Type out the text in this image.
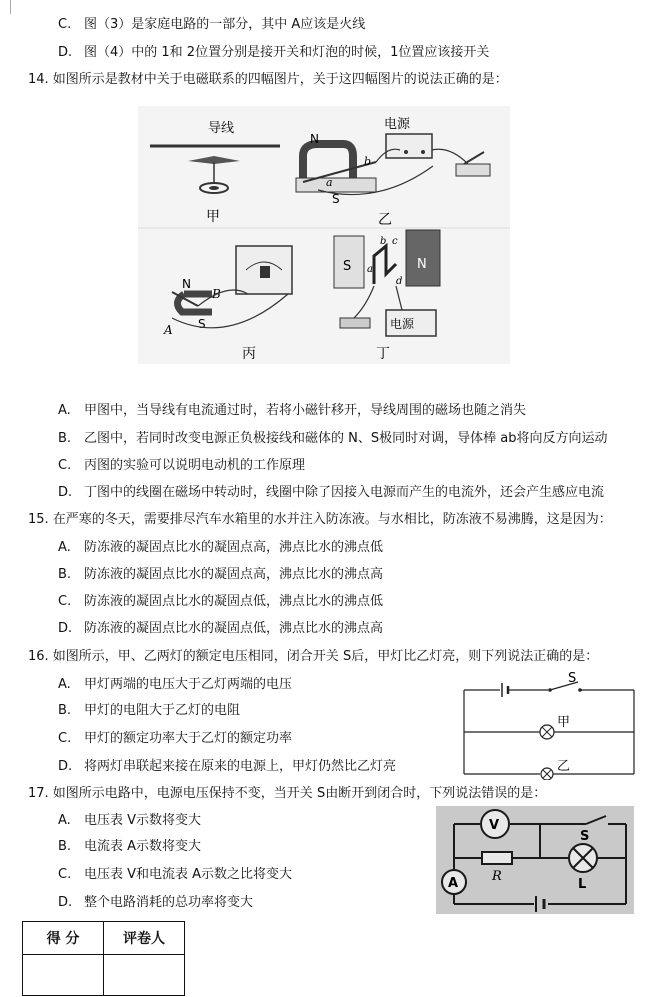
C. 图（3）是家庭电路的一部分，其中 A应该是火线
D. 图（4）中的 1和 2位置分别是接开关和灯泡的时候，1位置应该接开关
14. 如图所示是教材中关于电磁联系的四幅图片，关于这四幅图片的说法正确的是：
导线
甲
电源
N
S
a
b
乙
N
S
A
B
丙
S	N
b c
a
d
电源
丁
A. 甲图中，当导线有电流通过时，若将小磁针移开，导线周围的磁场也随之消失
B. 乙图中，若同时改变电源正负极接线和磁体的 N、S极同时对调，导体棒 ab将向反方向运动
C. 丙图的实验可以说明电动机的工作原理
D. 丁图中的线圈在磁场中转动时，线圈中除了因接入电源而产生的电流外，还会产生感应电流
15. 在严寒的冬天，需要排尽汽车水箱里的水并注入防冻液。与水相比，防冻液不易沸腾，这是因为：
A. 防冻液的凝固点比水的凝固点高，沸点比水的沸点低
B. 防冻液的凝固点比水的凝固点高，沸点比水的沸点高
C. 防冻液的凝固点比水的凝固点低，沸点比水的沸点低
D. 防冻液的凝固点比水的凝固点低，沸点比水的沸点高
16. 如图所示，甲、乙两灯的额定电压相同，闭合开关 S后，甲灯比乙灯亮，则下列说法正确的是：
A. 甲灯两端的电压大于乙灯两端的电压
B. 甲灯的电阻大于乙灯的电阻
C. 甲灯的额定功率大于乙灯的额定功率
D. 将两灯串联起来接在原来的电源上，甲灯仍然比乙灯亮
S
甲
乙
17. 如图所示电路中，电源电压保持不变，当开关 S由断开到闭合时，下列说法错误的是：
A. 电压表 V示数将变大
B. 电流表 A示数将变大
C. 电压表 V和电流表 A示数之比将变大
D. 整个电路消耗的总功率将变大
V
A	R
L
S
得 分	评卷人
